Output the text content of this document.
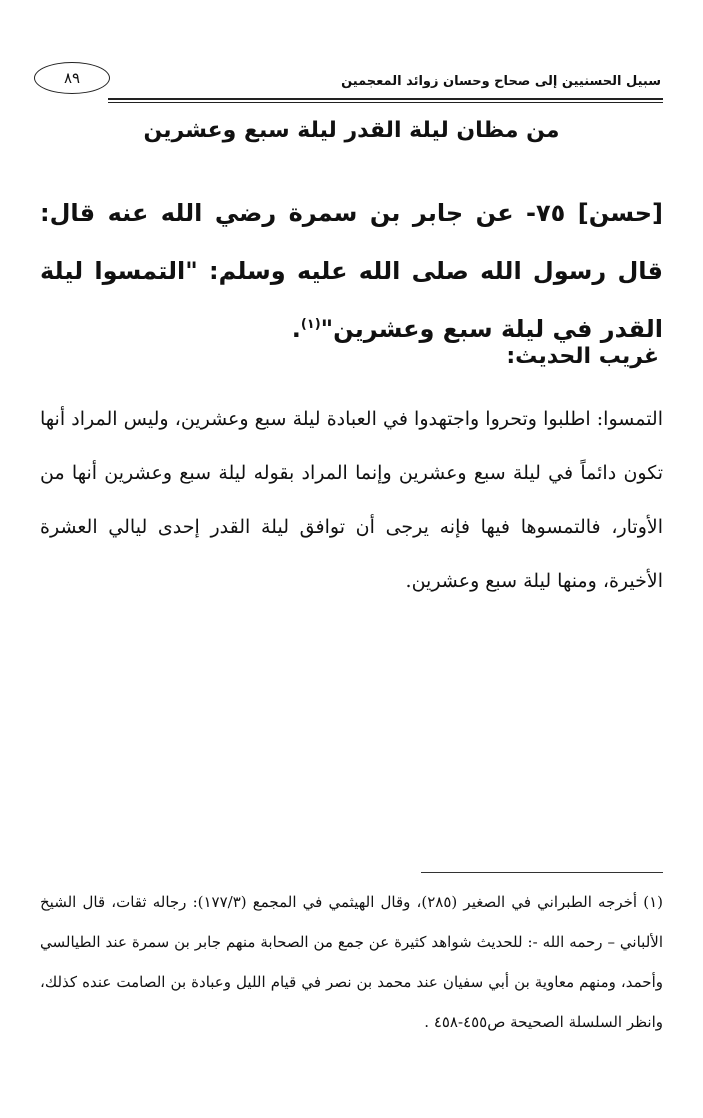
سبيل الحسنيين إلى صحاح وحسان زوائد المعجمين
٨٩
من مظان ليلة القدر ليلة سبع وعشرين
[حسن] ٧٥- عن جابر بن سمرة رضي الله عنه قال: قال رسول الله صلى الله عليه وسلم: "التمسوا ليلة القدر في ليلة سبع وعشرين"$^{(١)}$.
غريب الحديث:
التمسوا: اطلبوا وتحروا واجتهدوا في العبادة ليلة سبع وعشرين، وليس المراد أنها تكون دائماً في ليلة سبع وعشرين وإنما المراد بقوله ليلة سبع وعشرين أنها من الأوتار، فالتمسوها فيها فإنه يرجى أن توافق ليلة القدر إحدى ليالي العشرة الأخيرة، ومنها ليلة سبع وعشرين.
(١) أخرجه الطبراني في الصغير (٢٨٥)، وقال الهيثمي في المجمع (١٧٧/٣): رجاله ثقات، قال الشيخ الألباني – رحمه الله -: للحديث شواهد كثيرة عن جمع من الصحابة منهم جابر بن سمرة عند الطيالسي وأحمد، ومنهم معاوية بن أبي سفيان عند محمد بن نصر في قيام الليل وعبادة بن الصامت عنده كذلك، وانظر السلسلة الصحيحة ص٤٥٥-٤٥٨ .
